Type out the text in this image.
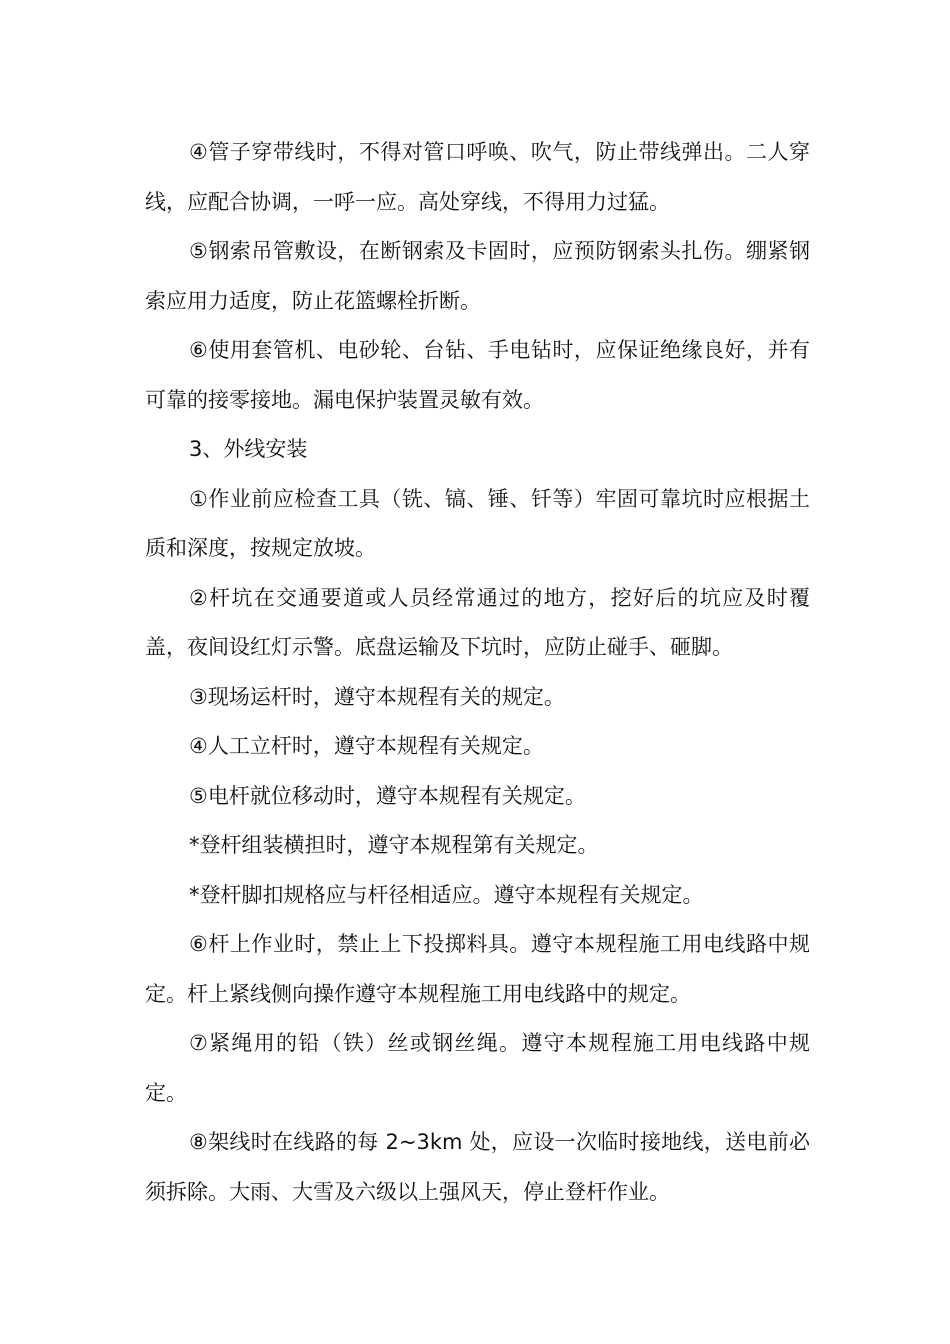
④管子穿带线时，不得对管口呼唤、吹气，防止带线弹出。二人穿线，应配合协调，一呼一应。高处穿线，不得用力过猛。

⑤钢索吊管敷设，在断钢索及卡固时，应预防钢索头扎伤。绷紧钢索应用力适度，防止花篮螺栓折断。

⑥使用套管机、电砂轮、台钻、手电钻时，应保证绝缘良好，并有可靠的接零接地。漏电保护装置灵敏有效。

3、外线安装

①作业前应检查工具（铣、镐、锤、钎等）牢固可靠坑时应根据土质和深度，按规定放坡。

②杆坑在交通要道或人员经常通过的地方，挖好后的坑应及时覆盖，夜间设红灯示警。底盘运输及下坑时，应防止碰手、砸脚。

③现场运杆时，遵守本规程有关的规定。

④人工立杆时，遵守本规程有关规定。

⑤电杆就位移动时，遵守本规程有关规定。

*登杆组装横担时，遵守本规程第有关规定。

*登杆脚扣规格应与杆径相适应。遵守本规程有关规定。

⑥杆上作业时，禁止上下投掷料具。遵守本规程施工用电线路中规定。杆上紧线侧向操作遵守本规程施工用电线路中的规定。

⑦紧绳用的铅（铁）丝或钢丝绳。遵守本规程施工用电线路中规定。

⑧架线时在线路的每 2~3km 处，应设一次临时接地线，送电前必须拆除。大雨、大雪及六级以上强风天，停止登杆作业。
